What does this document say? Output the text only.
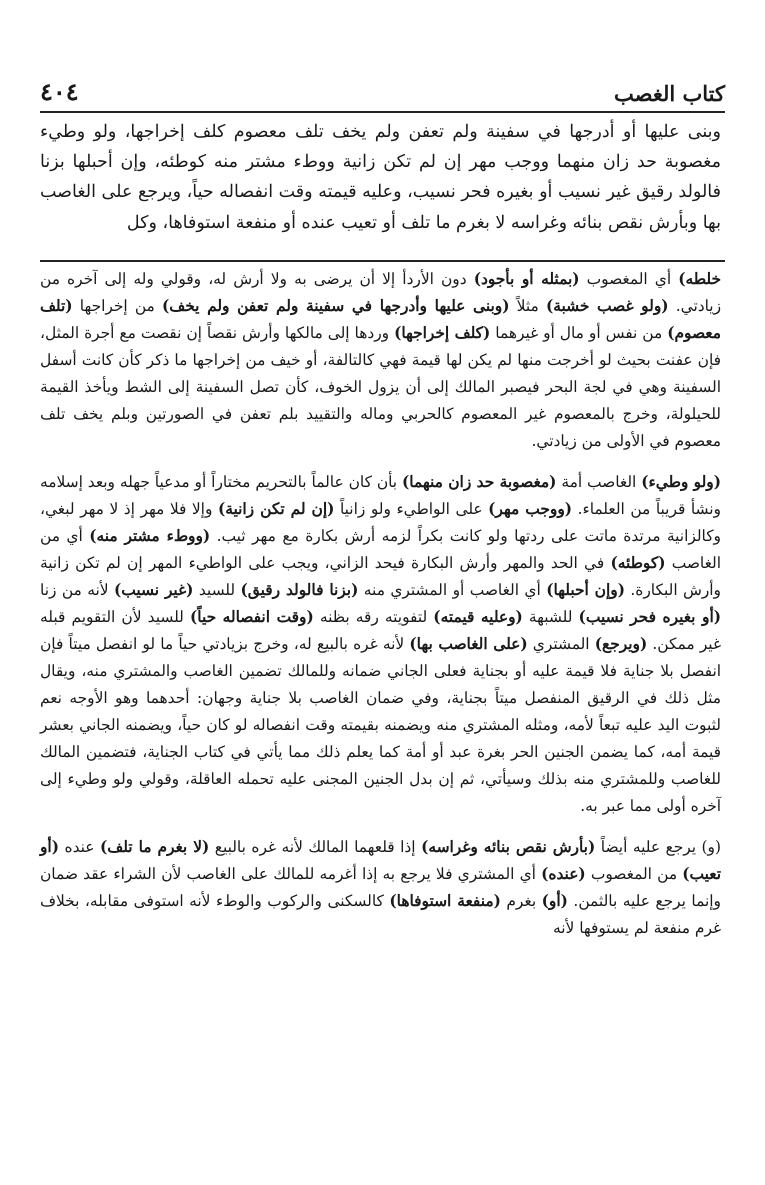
كتاب الغصب
٤٠٤
وبنى عليها أو أدرجها في سفينة ولم تعفن ولم يخف تلف معصوم كلف إخراجها، ولو وطيء مغصوبة حد زان منهما ووجب مهر إن لم تكن زانية ووطء مشتر منه كوطئه، وإن أحبلها بزنا فالولد رقيق غير نسيب أو بغيره فحر نسيب، وعليه قيمته وقت انفصاله حياً، ويرجع على الغاصب بها وبأرش نقص بنائه وغراسه لا بغرم ما تلف أو تعيب عنده أو منفعة استوفاها، وكل

خلطه) أي المغصوب (بمثله أو بأجود) دون الأردأ إلا أن يرضى به ولا أرش له، وقولي وله إلى آخره من زيادتي. (ولو غصب خشبة) مثلاً (وبنى عليها وأدرجها في سفينة ولم تعفن ولم يخف) من إخراجها (تلف معصوم) من نفس أو مال أو غيرهما (كلف إخراجها) وردها إلى مالكها وأرش نقصاً إن نقصت مع أجرة المثل، فإن عفنت بحيث لو أخرجت منها لم يكن لها قيمة فهي كالتالفة، أو خيف من إخراجها ما ذكر كأن كانت أسفل السفينة وهي في لجة البحر فيصبر المالك إلى أن يزول الخوف، كأن تصل السفينة إلى الشط ويأخذ القيمة للحيلولة، وخرج بالمعصوم غير المعصوم كالحربي وماله والتقييد بلم تعفن في الصورتين وبلم يخف تلف معصوم في الأولى من زيادتي.

(ولو وطيء) الغاصب أمة (مغصوبة حد زان منهما) بأن كان عالماً بالتحريم مختاراً أو مدعياً جهله وبعد إسلامه ونشأ قريباً من العلماء. (ووجب مهر) على الواطيء ولو زانياً (إن لم تكن زانية) وإلا فلا مهر إذ لا مهر لبغي، وكالزانية مرتدة ماتت على ردتها ولو كانت بكراً لزمه أرش بكارة مع مهر ثيب. (ووطء مشتر منه) أي من الغاصب (كوطئه) في الحد والمهر وأرش البكارة فيحد الزاني، ويجب على الواطيء المهر إن لم تكن زانية وأرش البكارة. (وإن أحبلها) أي الغاصب أو المشتري منه (بزنا فالولد رقيق) للسيد (غير نسيب) لأنه من زنا (أو بغيره فحر نسيب) للشبهة (وعليه قيمته) لتفويته رقه بظنه (وقت انفصاله حياً) للسيد لأن التقويم قبله غير ممكن. (ويرجع) المشتري (على الغاصب بها) لأنه غره بالبيع له، وخرج بزيادتي حياً ما لو انفصل ميتاً فإن انفصل بلا جناية فلا قيمة عليه أو بجناية فعلى الجاني ضمانه وللمالك تضمين الغاصب والمشتري منه، ويقال مثل ذلك في الرقيق المنفصل ميتاً بجناية، وفي ضمان الغاصب بلا جناية وجهان: أحدهما وهو الأوجه نعم لثبوت اليد عليه تبعاً لأمه، ومثله المشتري منه ويضمنه بقيمته وقت انفصاله لو كان حياً، ويضمنه الجاني بعشر قيمة أمه، كما يضمن الجنين الحر بغرة عبد أو أمة كما يعلم ذلك مما يأتي في كتاب الجناية، فتضمين المالك للغاصب وللمشتري منه بذلك وسيأتي، ثم إن بدل الجنين المجنى عليه تحمله العاقلة، وقولي ولو وطيء إلى آخره أولى مما عبر به.

(و) يرجع عليه أيضاً (بأرش نقص بنائه وغراسه) إذا قلعهما المالك لأنه غره بالبيع (لا بغرم ما تلف) عنده (أو تعيب) من المغصوب (عنده) أي المشتري فلا يرجع به إذا أغرمه للمالك على الغاصب لأن الشراء عقد ضمان وإنما يرجع عليه بالثمن. (أو) بغرم (منفعة استوفاها) كالسكنى والركوب والوطء لأنه استوفى مقابله، بخلاف غرم منفعة لم يستوفها لأنه
